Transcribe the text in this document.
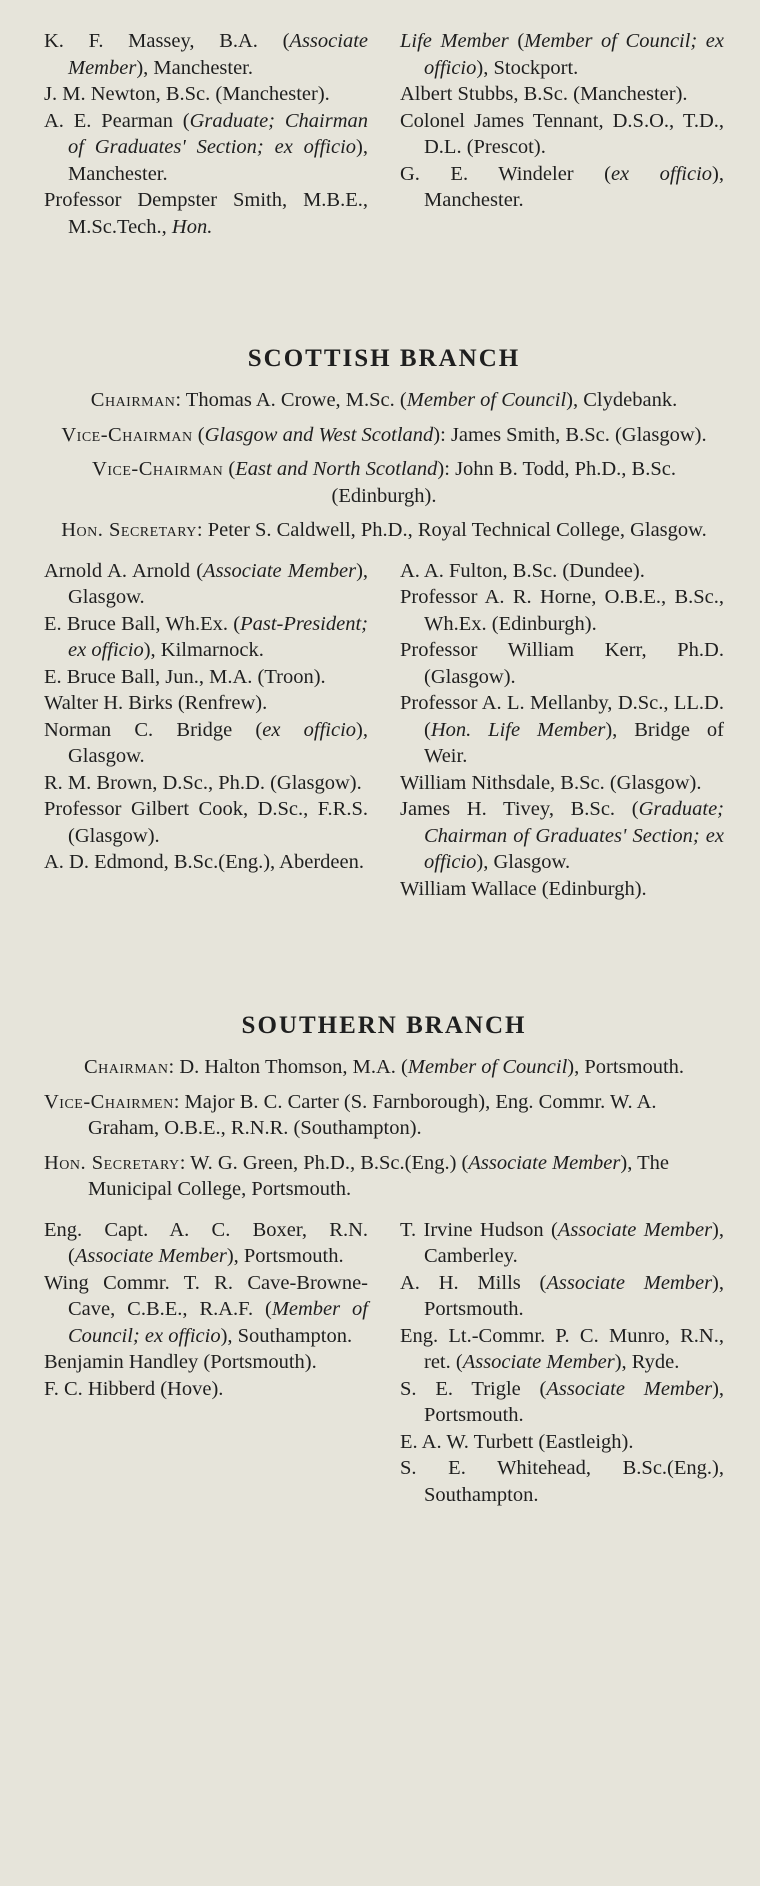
K. F. Massey, B.A. (Associate Member), Manchester.
J. M. Newton, B.Sc. (Manchester).
A. E. Pearman (Graduate; Chairman of Graduates' Section; ex officio), Manchester.
Professor Dempster Smith, M.B.E., M.Sc.Tech., Hon.
Life Member (Member of Council; ex officio), Stockport.
Albert Stubbs, B.Sc. (Manchester).
Colonel James Tennant, D.S.O., T.D., D.L. (Prescot).
G. E. Windeler (ex officio), Manchester.
SCOTTISH BRANCH

Chairman: Thomas A. Crowe, M.Sc. (Member of Council), Clydebank.

Vice-Chairman (Glasgow and West Scotland): James Smith, B.Sc. (Glasgow).

Vice-Chairman (East and North Scotland): John B. Todd, Ph.D., B.Sc. (Edinburgh).

Hon. Secretary: Peter S. Caldwell, Ph.D., Royal Technical College, Glasgow.

Arnold A. Arnold (Associate Member), Glasgow.
E. Bruce Ball, Wh.Ex. (Past-President; ex officio), Kilmarnock.
E. Bruce Ball, Jun., M.A. (Troon).
Walter H. Birks (Renfrew).
Norman C. Bridge (ex officio), Glasgow.
R. M. Brown, D.Sc., Ph.D. (Glasgow).
Professor Gilbert Cook, D.Sc., F.R.S. (Glasgow).
A. D. Edmond, B.Sc.(Eng.), Aberdeen.
A. A. Fulton, B.Sc. (Dundee).
Professor A. R. Horne, O.B.E., B.Sc., Wh.Ex. (Edinburgh).
Professor William Kerr, Ph.D. (Glasgow).
Professor A. L. Mellanby, D.Sc., LL.D. (Hon. Life Member), Bridge of Weir.
William Nithsdale, B.Sc. (Glasgow).
James H. Tivey, B.Sc. (Graduate; Chairman of Graduates' Section; ex officio), Glasgow.
William Wallace (Edinburgh).
SOUTHERN BRANCH

Chairman: D. Halton Thomson, M.A. (Member of Council), Portsmouth.

Vice-Chairmen: Major B. C. Carter (S. Farnborough), Eng. Commr. W. A. Graham, O.B.E., R.N.R. (Southampton).

Hon. Secretary: W. G. Green, Ph.D., B.Sc.(Eng.) (Associate Member), The Municipal College, Portsmouth.

Eng. Capt. A. C. Boxer, R.N. (Associate Member), Portsmouth.
Wing Commr. T. R. Cave-Browne-Cave, C.B.E., R.A.F. (Member of Council; ex officio), Southampton.
Benjamin Handley (Portsmouth).
F. C. Hibberd (Hove).
T. Irvine Hudson (Associate Member), Camberley.
A. H. Mills (Associate Member), Portsmouth.
Eng. Lt.-Commr. P. C. Munro, R.N., ret. (Associate Member), Ryde.
S. E. Trigle (Associate Member), Portsmouth.
E. A. W. Turbett (Eastleigh).
S. E. Whitehead, B.Sc.(Eng.), Southampton.
